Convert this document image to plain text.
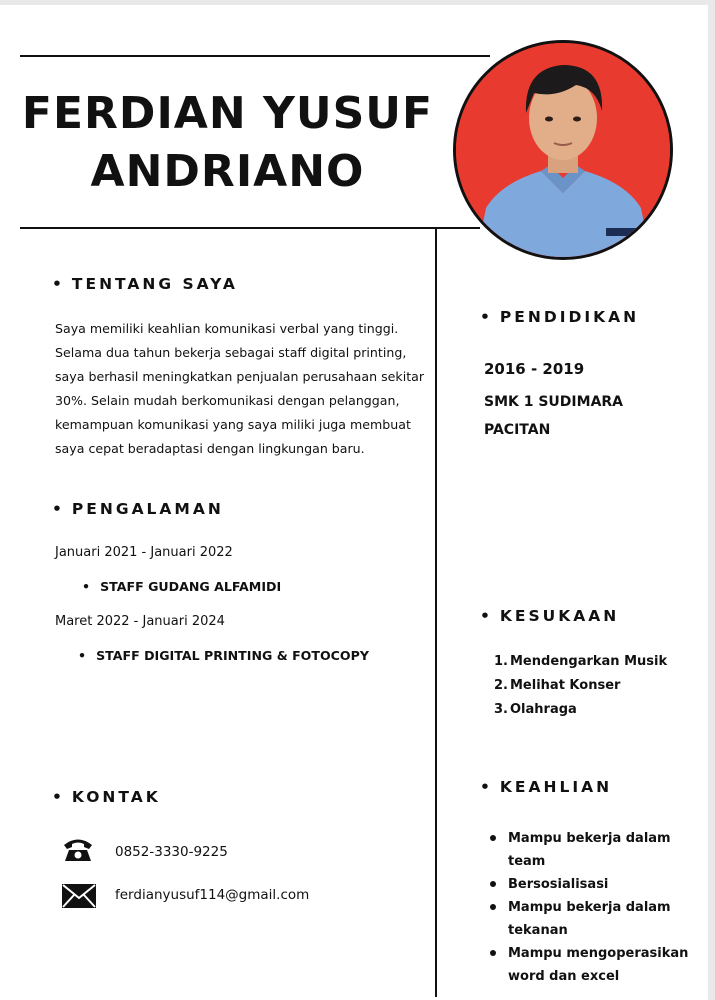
FERDIAN YUSUF
ANDRIANO
• TENTANG SAYA
Saya memiliki keahlian komunikasi verbal yang tinggi. Selama dua tahun bekerja sebagai staff digital printing, saya berhasil meningkatkan penjualan perusahaan sekitar 30%. Selain mudah berkomunikasi dengan pelanggan, kemampuan komunikasi yang saya miliki juga membuat saya cepat beradaptasi dengan lingkungan baru.
• PENGALAMAN
Januari 2021 - Januari 2022
• STAFF GUDANG ALFAMIDI
Maret 2022 - Januari 2024
• STAFF DIGITAL PRINTING & FOTOCOPY
• KONTAK
0852-3330-9225
ferdianyusuf114@gmail.com
• PENDIDIKAN
2016 - 2019
SMK 1 SUDIMARA
PACITAN
• KESUKAAN
1. Mendengarkan Musik
2. Melihat Konser
3. Olahraga
• KEAHLIAN
Mampu bekerja dalam team
Bersosialisasi
Mampu bekerja dalam tekanan
Mampu mengoperasikan word dan excel
